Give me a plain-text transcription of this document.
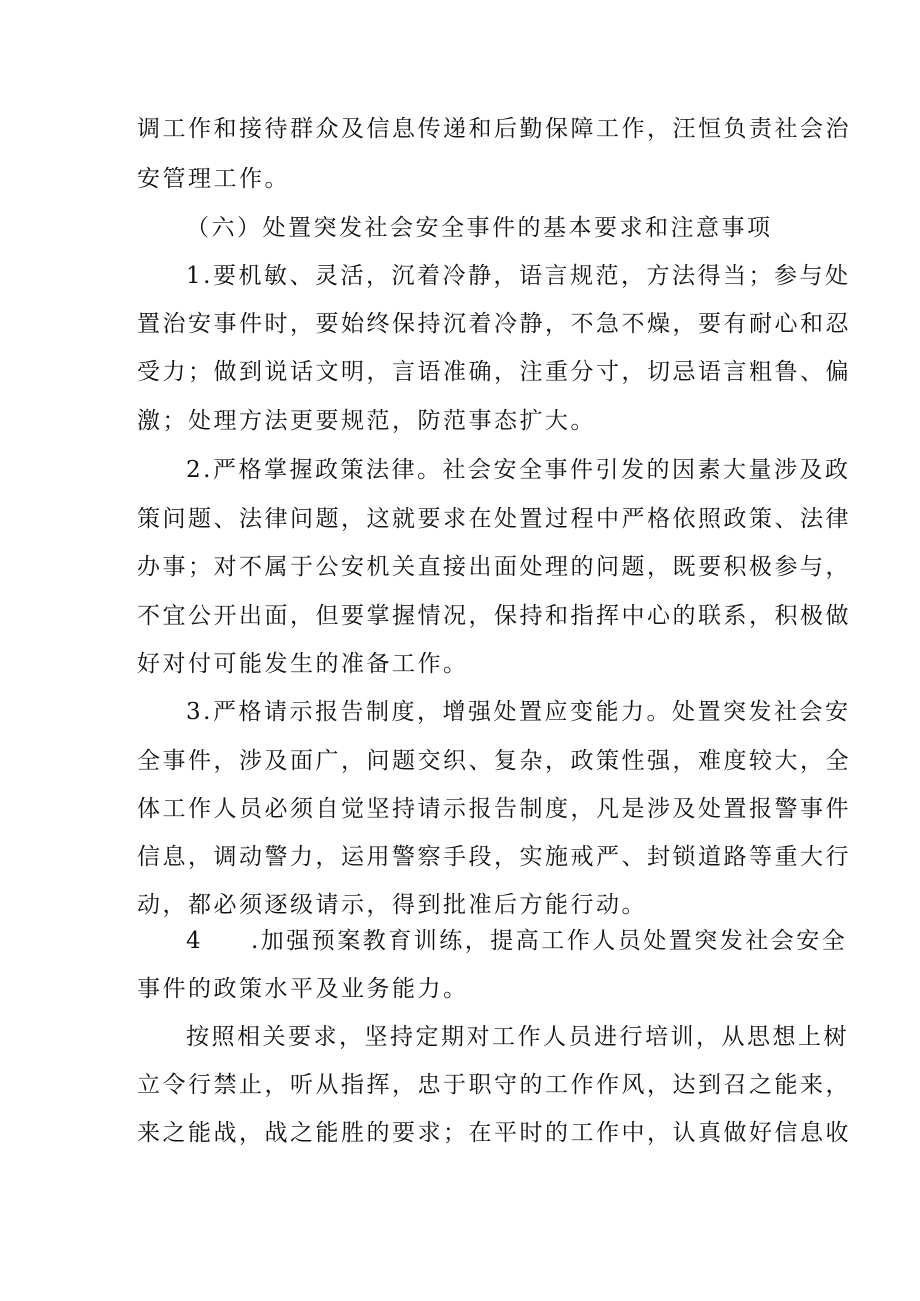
调工作和接待群众及信息传递和后勤保障工作，汪恒负责社会治
安管理工作。
（六）处置突发社会安全事件的基本要求和注意事项
1.要机敏、灵活，沉着冷静，语言规范，方法得当；参与处
置治安事件时，要始终保持沉着冷静，不急不燥，要有耐心和忍
受力；做到说话文明，言语准确，注重分寸，切忌语言粗鲁、偏
激；处理方法更要规范，防范事态扩大。
2.严格掌握政策法律。社会安全事件引发的因素大量涉及政
策问题、法律问题，这就要求在处置过程中严格依照政策、法律
办事；对不属于公安机关直接出面处理的问题，既要积极参与，
不宜公开出面，但要掌握情况，保持和指挥中心的联系，积极做
好对付可能发生的准备工作。
3.严格请示报告制度，增强处置应变能力。处置突发社会安
全事件，涉及面广，问题交织、复杂，政策性强，难度较大，全
体工作人员必须自觉坚持请示报告制度，凡是涉及处置报警事件
信息，调动警力，运用警察手段，实施戒严、封锁道路等重大行
动，都必须逐级请示，得到批准后方能行动。
4	.加强预案教育训练，提高工作人员处置突发社会安全
事件的政策水平及业务能力。
按照相关要求，坚持定期对工作人员进行培训，从思想上树
立令行禁止，听从指挥，忠于职守的工作作风，达到召之能来，
来之能战，战之能胜的要求；在平时的工作中，认真做好信息收
